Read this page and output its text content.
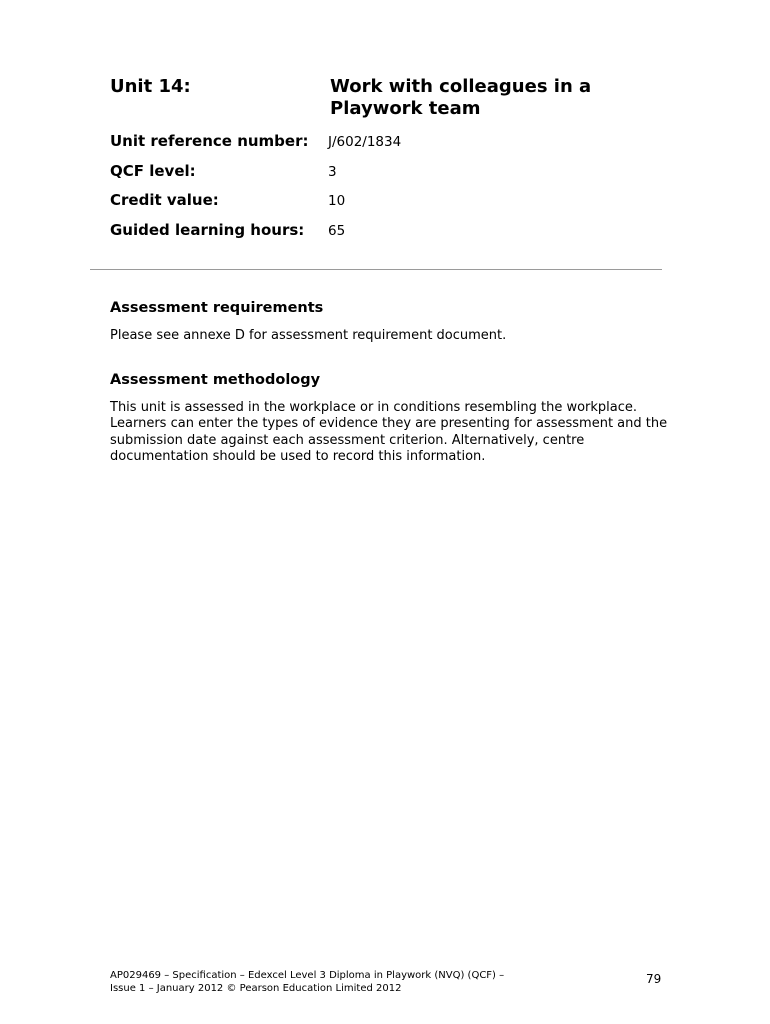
Unit 14:	Work with colleagues in a Playwork team
Unit reference number: J/602/1834
QCF level:	3
Credit value:	10
Guided learning hours: 65
Assessment requirements

Please see annexe D for assessment requirement document.

Assessment methodology

This unit is assessed in the workplace or in conditions resembling the workplace. Learners can enter the types of evidence they are presenting for assessment and the submission date against each assessment criterion. Alternatively, centre documentation should be used to record this information.

AP029469 – Specification – Edexcel Level 3 Diploma in Playwork (NVQ) (QCF) –
Issue 1 – January 2012 © Pearson Education Limited 2012
79
